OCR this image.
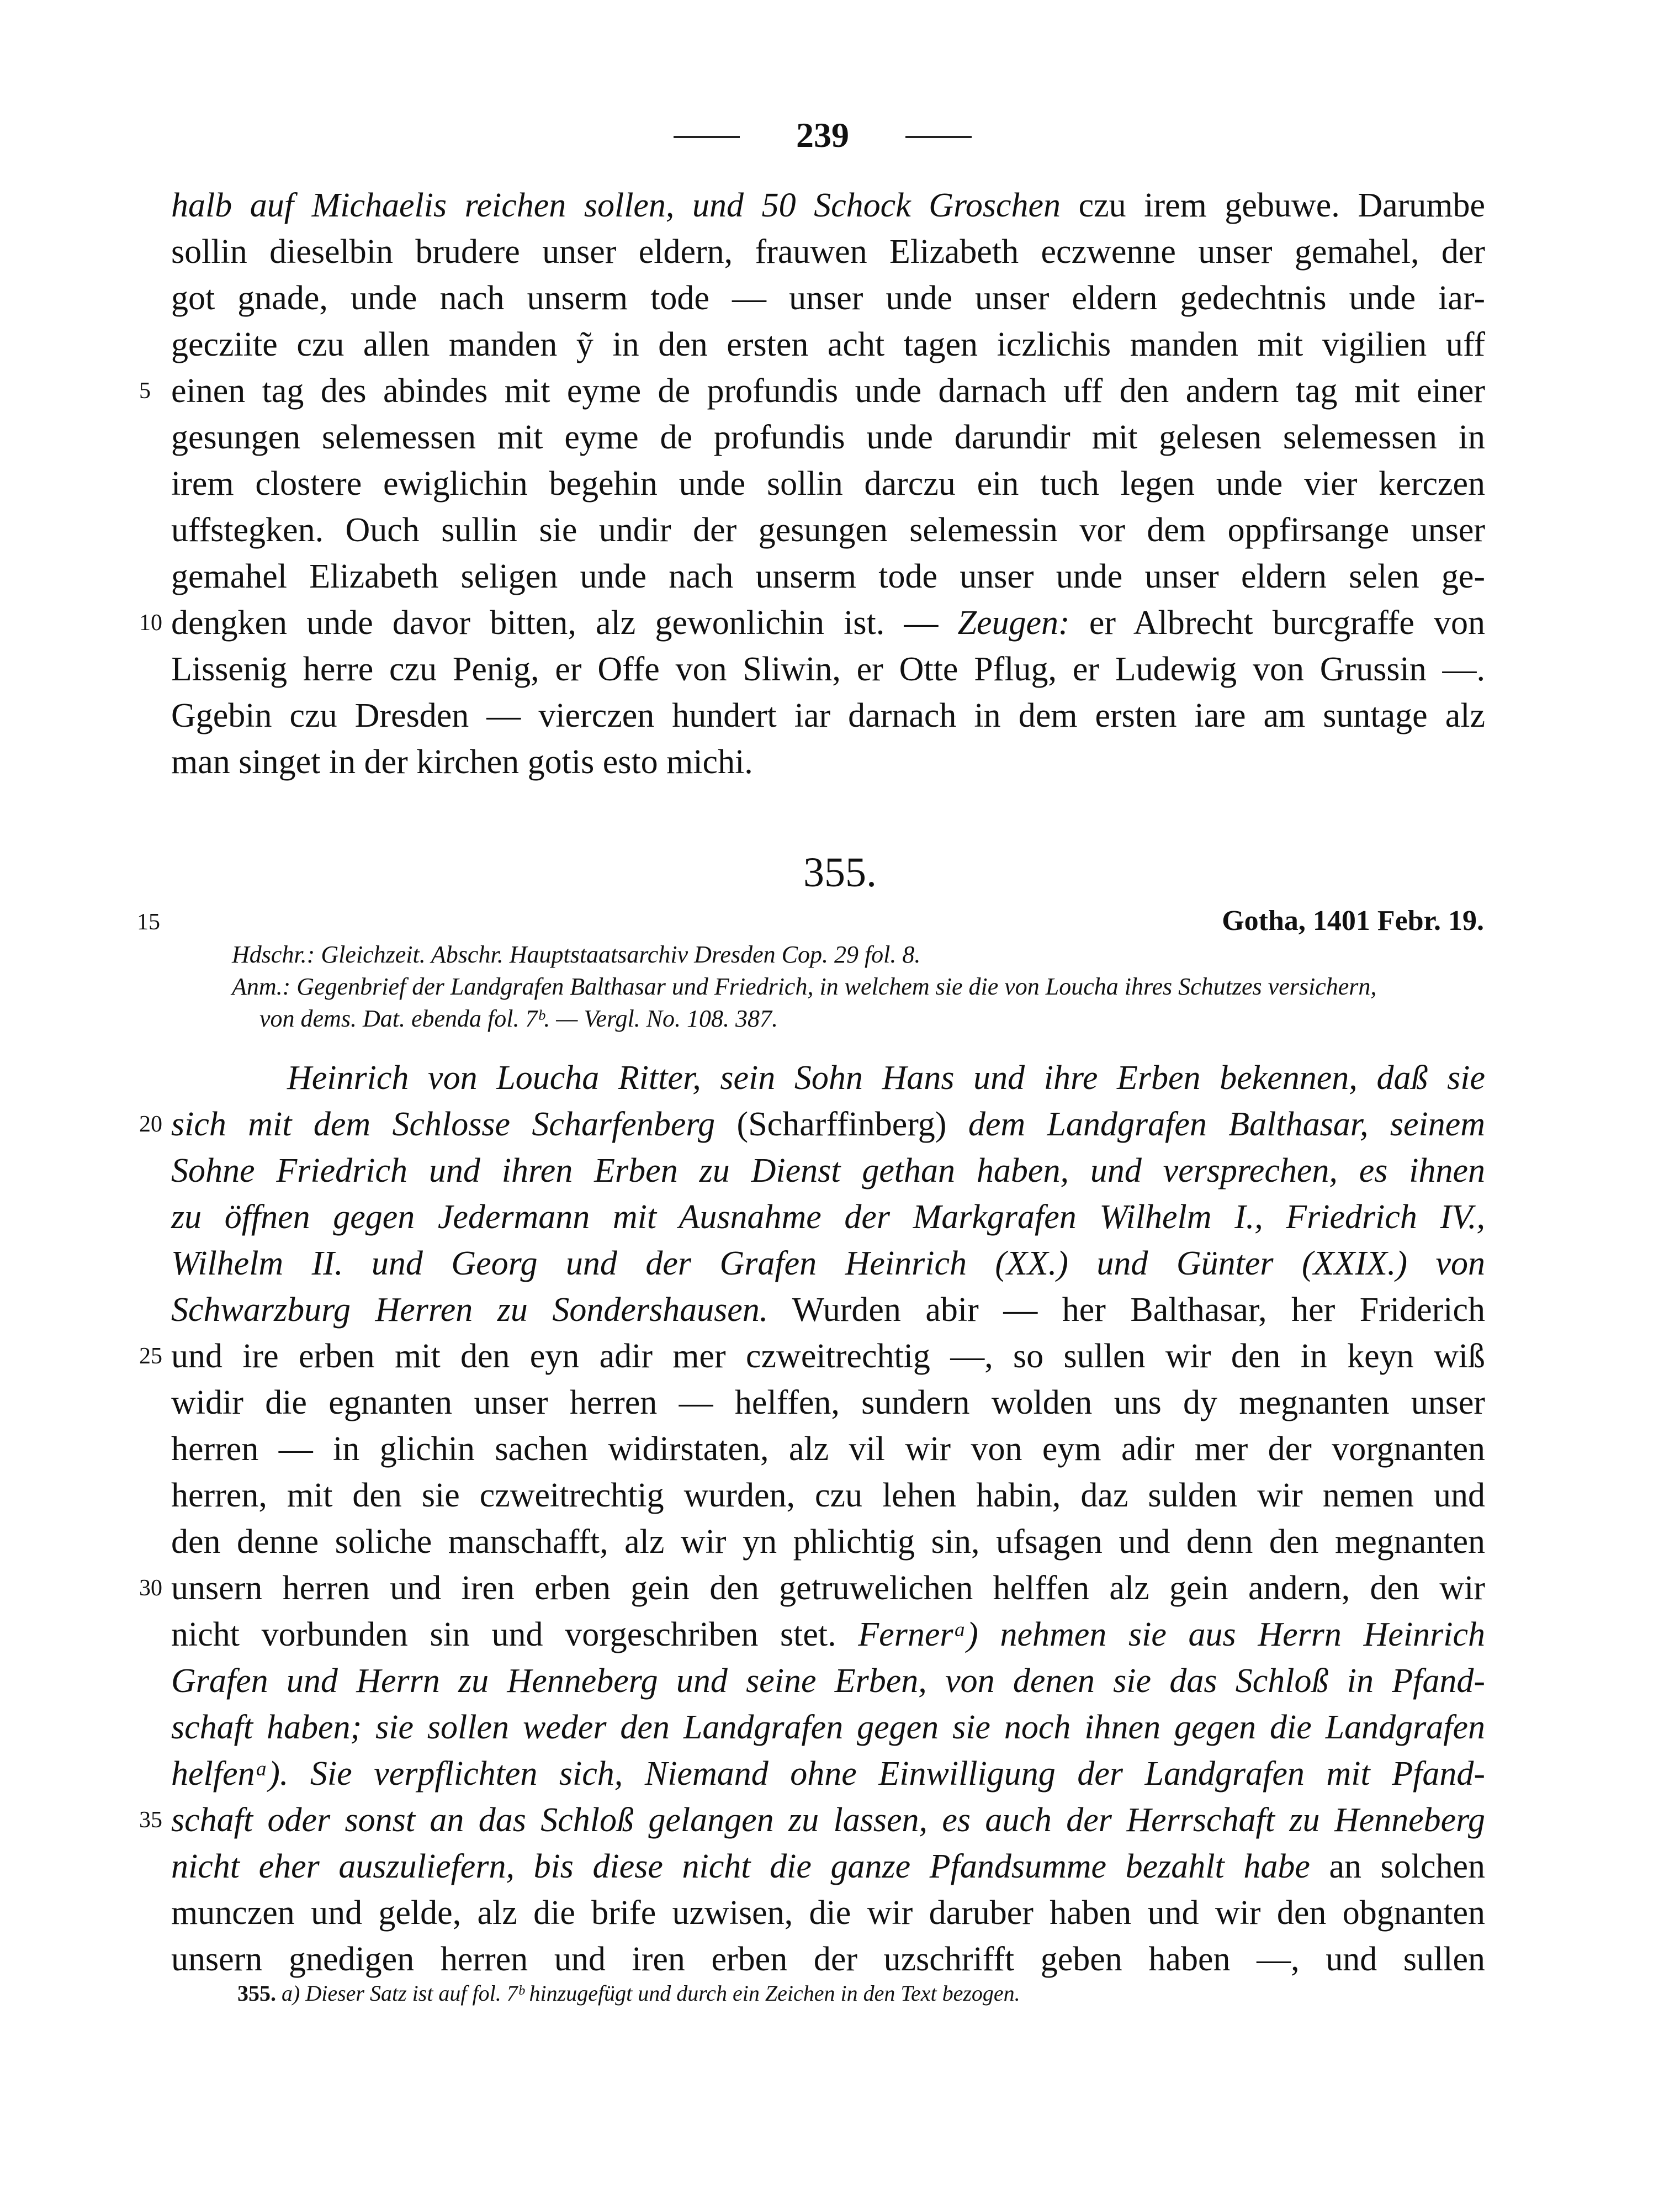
239
halb auf Michaelis reichen sollen, und 50 Schock Groschen czu irem gebuwe. Darumbe
sollin dieselbin brudere unser eldern, frauwen Elizabeth eczwenne unser gemahel, der
got gnade, unde nach unserm tode — unser unde unser eldern gedechtnis unde iar-
gecziite czu allen manden ỹ in den ersten acht tagen iczlichis manden mit vigilien uff
5 einen tag des abindes mit eyme de profundis unde darnach uff den andern tag mit einer
gesungen selemessen mit eyme de profundis unde darundir mit gelesen selemessen in
irem clostere ewiglichin begehin unde sollin darczu ein tuch legen unde vier kerczen
uffstegken. Ouch sullin sie undir der gesungen selemessin vor dem oppfirsange unser
gemahel Elizabeth seligen unde nach unserm tode unser unde unser eldern selen ge-
10 dengken unde davor bitten, alz gewonlichin ist. — Zeugen: er Albrecht burcgraffe von
Lissenig herre czu Penig, er Offe von Sliwin, er Otte Pflug, er Ludewig von Grussin —.
Ggebin czu Dresden — vierczen hundert iar darnach in dem ersten iare am suntage alz
man singet in der kirchen gotis esto michi.
355.
15	Gotha, 1401 Febr. 19.
Hdschr.: Gleichzeit. Abschr. Hauptstaatsarchiv Dresden Cop. 29 fol. 8.
Anm.: Gegenbrief der Landgrafen Balthasar und Friedrich, in welchem sie die von Loucha ihres Schutzes versichern,
von dems. Dat. ebenda fol. 7ᵇ. — Vergl. No. 108. 387.
Heinrich von Loucha Ritter, sein Sohn Hans und ihre Erben bekennen, daß sie
20 sich mit dem Schlosse Scharfenberg (Scharffinberg) dem Landgrafen Balthasar, seinem
Sohne Friedrich und ihren Erben zu Dienst gethan haben, und versprechen, es ihnen
zu öffnen gegen Jedermann mit Ausnahme der Markgrafen Wilhelm I., Friedrich IV.,
Wilhelm II. und Georg und der Grafen Heinrich (XX.) und Günter (XXIX.) von
Schwarzburg Herren zu Sondershausen. Wurden abir — her Balthasar, her Friderich
25 und ire erben mit den eyn adir mer czweitrechtig —, so sullen wir den in keyn wiß
widir die egnanten unser herren — helffen, sundern wolden uns dy megnanten unser
herren — in glichin sachen widirstaten, alz vil wir von eym adir mer der vorgnanten
herren, mit den sie czweitrechtig wurden, czu lehen habin, daz sulden wir nemen und
den denne soliche manschafft, alz wir yn phlichtig sin, ufsagen und denn den megnanten
30 unsern herren und iren erben gein den getruwelichen helffen alz gein andern, den wir
nicht vorbunden sin und vorgeschriben stet. Fernerᵃ) nehmen sie aus Herrn Heinrich
Grafen und Herrn zu Henneberg und seine Erben, von denen sie das Schloß in Pfand-
schaft haben; sie sollen weder den Landgrafen gegen sie noch ihnen gegen die Landgrafen
helfenᵃ). Sie verpflichten sich, Niemand ohne Einwilligung der Landgrafen mit Pfand-
35 schaft oder sonst an das Schloß gelangen zu lassen, es auch der Herrschaft zu Henneberg
nicht eher auszuliefern, bis diese nicht die ganze Pfandsumme bezahlt habe an solchen
munczen und gelde, alz die brife uzwisen, die wir daruber haben und wir den obgnanten
unsern gnedigen herren und iren erben der uzschrifft geben haben —, und sullen
355. a) Dieser Satz ist auf fol. 7ᵇ hinzugefügt und durch ein Zeichen in den Text bezogen.
